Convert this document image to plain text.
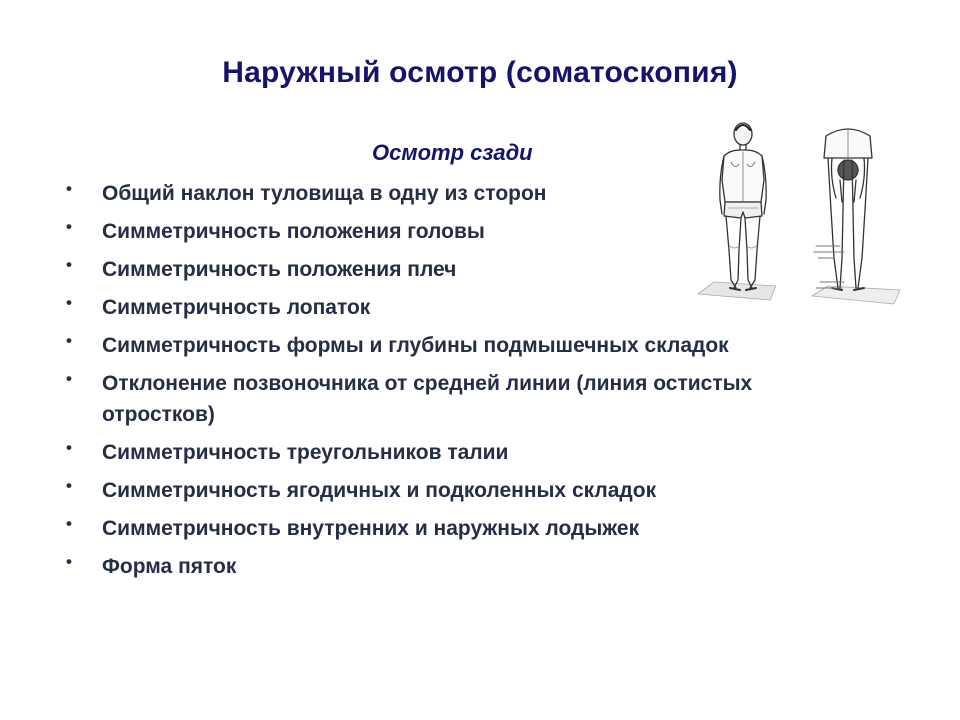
Наружный осмотр (соматоскопия)
Осмотр сзади
• Общий наклон туловища в одну из сторон
• Симметричность положения головы
• Симметричность положения плеч
• Симметричность лопаток
• Симметричность формы и глубины подмышечных складок
• Отклонение позвоночника от средней линии (линия остистых отростков)
• Симметричность треугольников талии
• Симметричность ягодичных и подколенных складок
• Симметричность внутренних и наружных лодыжек
• Форма пяток
